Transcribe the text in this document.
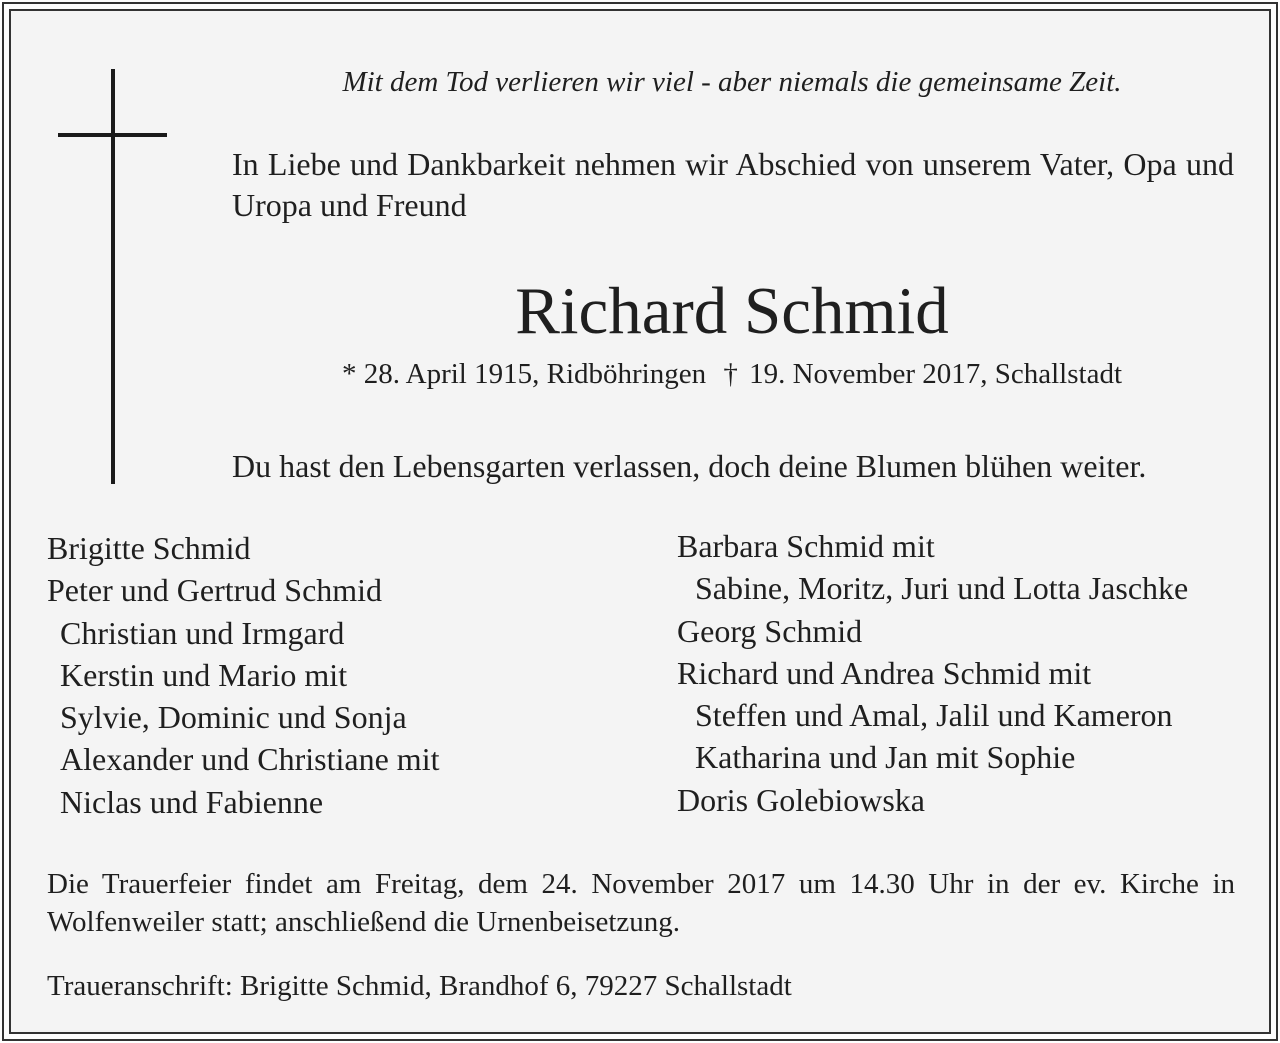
Mit dem Tod verlieren wir viel - aber niemals die gemeinsame Zeit.
In Liebe und Dankbarkeit nehmen wir Abschied von unserem Vater, Opa und Uropa und Freund
Richard Schmid
* 28. April 1915, Ridböhringen † 19. November 2017, Schallstadt
Du hast den Lebensgarten verlassen, doch deine Blumen blühen weiter.
Brigitte Schmid
Peter und Gertrud Schmid
Christian und Irmgard
Kerstin und Mario mit
Sylvie, Dominic und Sonja
Alexander und Christiane mit
Niclas und Fabienne
Barbara Schmid mit
Sabine, Moritz, Juri und Lotta Jaschke
Georg Schmid
Richard und Andrea Schmid mit
Steffen und Amal, Jalil und Kameron
Katharina und Jan mit Sophie
Doris Golebiowska
Die Trauerfeier findet am Freitag, dem 24. November 2017 um 14.30 Uhr in der ev. Kirche in Wolfenweiler statt; anschließend die Urnenbeisetzung.
Traueranschrift: Brigitte Schmid, Brandhof 6, 79227 Schallstadt
